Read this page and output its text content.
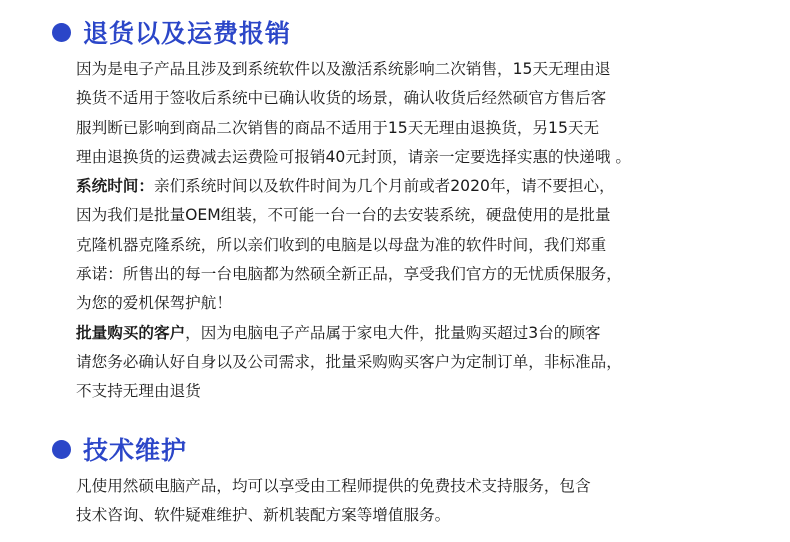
退货以及运费报销
因为是电子产品且涉及到系统软件以及激活系统影响二次销售，15天无理由退
换货不适用于签收后系统中已确认收货的场景，确认收货后经然硕官方售后客
服判断已影响到商品二次销售的商品不适用于15天无理由退换货，另15天无
理由退换货的运费减去运费险可报销40元封顶，请亲一定要选择实惠的快递哦 。
系统时间：亲们系统时间以及软件时间为几个月前或者2020年，请不要担心，
因为我们是批量OEM组装，不可能一台一台的去安装系统，硬盘使用的是批量
克隆机器克隆系统，所以亲们收到的电脑是以母盘为准的软件时间，我们郑重
承诺：所售出的每一台电脑都为然硕全新正品，享受我们官方的无忧质保服务，
为您的爱机保驾护航！
批量购买的客户，因为电脑电子产品属于家电大件，批量购买超过3台的顾客
请您务必确认好自身以及公司需求，批量采购购买客户为定制订单，非标准品，
不支持无理由退货
技术维护
凡使用然硕电脑产品，均可以享受由工程师提供的免费技术支持服务，包含
技术咨询、软件疑难维护、新机装配方案等增值服务。
